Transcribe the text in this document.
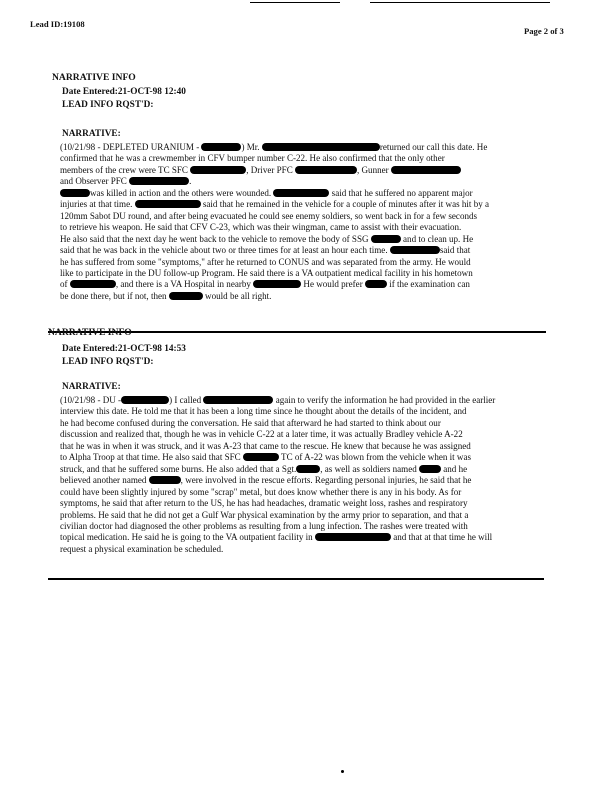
Lead ID:19108
Page 2 of 3
NARRATIVE INFO
Date Entered:21-OCT-98 12:40
LEAD INFO RQST'D:
NARRATIVE:
(10/21/98 - DEPLETED URANIUM -	) Mr.	returned our call this date. He
confirmed that he was a crewmember in CFV bumper number C-22. He also confirmed that the only other
members of the crew were TC SFC	, Driver PFC	, Gunner
and Observer PFC	.
was killed in action and the others were wounded.	said that he suffered no apparent major
injuries at that time.	said that he remained in the vehicle for a couple of minutes after it was hit by a
120mm Sabot DU round, and after being evacuated he could see enemy soldiers, so went back in for a few seconds
to retrieve his weapon. He said that CFV C-23, which was their wingman, came to assist with their evacuation.
He also said that the next day he went back to the vehicle to remove the body of SSG	and to clean up. He
said that he was back in the vehicle about two or three times for at least an hour each time.	said that
he has suffered from some "symptoms," after he returned to CONUS and was separated from the army. He would
like to participate in the DU follow-up Program. He said there is a VA outpatient medical facility in his hometown
of	, and there is a VA Hospital in nearby	He would prefer  if the examination can
be done there, but if not, then	would be all right.
NARRATIVE INFO
Date Entered:21-OCT-98 14:53
LEAD INFO RQST'D:
NARRATIVE:
(10/21/98 - DU -	) I called	again to verify the information he had provided in the earlier
interview this date. He told me that it has been a long time since he thought about the details of the incident, and
he had become confused during the conversation. He said that afterward he had started to think about our
discussion and realized that, though he was in vehicle C-22 at a later time, it was actually Bradley vehicle A-22
that he was in when it was struck, and it was A-23 that came to the rescue. He knew that because he was assigned
to Alpha Troop at that time. He also said that SFC	TC of A-22 was blown from the vehicle when it was
struck, and that he suffered some burns. He also added that a Sgt.	, as well as soldiers named  and he
believed another named	, were involved in the rescue efforts. Regarding personal injuries, he said that he
could have been slightly injured by some "scrap" metal, but does know whether there is any in his body. As for
symptoms, he said that after return to the US, he has had headaches, dramatic weight loss, rashes and respiratory
problems. He said that he did not get a Gulf War physical examination by the army prior to separation, and that a
civilian doctor had diagnosed the other problems as resulting from a lung infection. The rashes were treated with
topical medication. He said he is going to the VA outpatient facility in	and that at that time he will
request a physical examination be scheduled.
